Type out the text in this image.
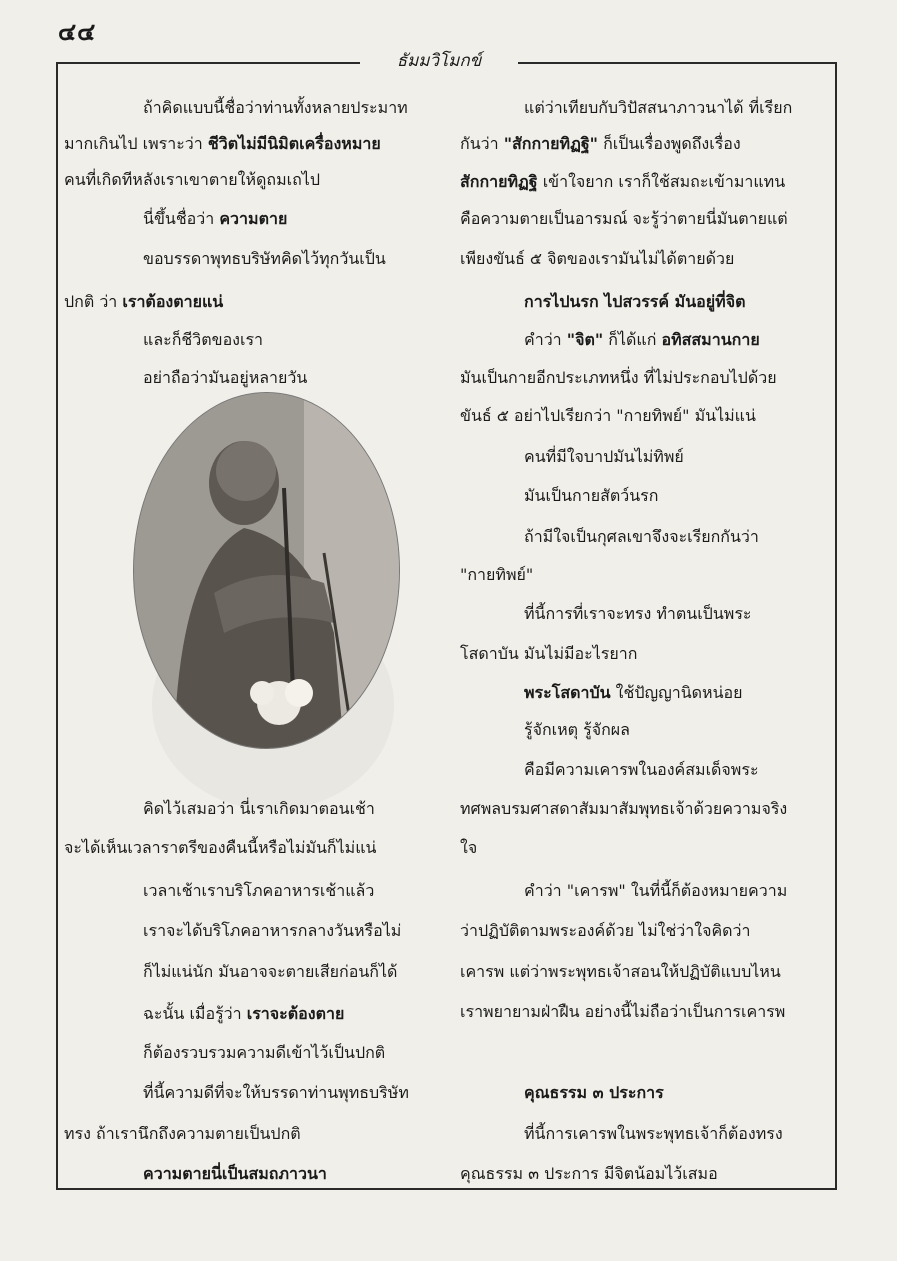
๔๔
ธัมมวิโมกข์

ถ้าคิดแบบนี้ชื่อว่าท่านทั้งหลายประมาท

มากเกินไป เพราะว่า ชีวิตไม่มีนิมิตเครื่องหมาย

คนที่เกิดทีหลังเราเขาตายให้ดูถมเถไป

นี่ขึ้นชื่อว่า ความตาย

ขอบรรดาพุทธบริษัทคิดไว้ทุกวันเป็น

ปกติ ว่า เราต้องตายแน่

และก็ชีวิตของเรา

อย่าถือว่ามันอยู่หลายวัน

คิดไว้เสมอว่า นี่เราเกิดมาตอนเช้า

จะได้เห็นเวลาราตรีของคืนนี้หรือไม่มันก็ไม่แน่

เวลาเช้าเราบริโภคอาหารเช้าแล้ว

เราจะได้บริโภคอาหารกลางวันหรือไม่

ก็ไม่แน่นัก มันอาจจะตายเสียก่อนก็ได้

ฉะนั้น เมื่อรู้ว่า เราจะต้องตาย

ก็ต้องรวบรวมความดีเข้าไว้เป็นปกติ

ที่นี้ความดีที่จะให้บรรดาท่านพุทธบริษัท

ทรง ถ้าเรานึกถึงความตายเป็นปกติ

ความตายนี่เป็นสมถภาวนา

แต่ว่าเทียบกับวิปัสสนาภาวนาได้ ที่เรียก

กันว่า "สักกายทิฏฐิ" ก็เป็นเรื่องพูดถึงเรื่อง

สักกายทิฏฐิ เข้าใจยาก เราก็ใช้สมถะเข้ามาแทน

คือความตายเป็นอารมณ์ จะรู้ว่าตายนี่มันตายแต่

เพียงขันธ์ ๕ จิตของเรามันไม่ได้ตายด้วย

การไปนรก ไปสวรรค์ มันอยู่ที่จิต

คำว่า "จิต" ก็ได้แก่ อทิสสมานกาย

มันเป็นกายอีกประเภทหนึ่ง ที่ไม่ประกอบไปด้วย

ขันธ์ ๕ อย่าไปเรียกว่า "กายทิพย์" มันไม่แน่

คนที่มีใจบาปมันไม่ทิพย์

มันเป็นกายสัตว์นรก

ถ้ามีใจเป็นกุศลเขาจึงจะเรียกกันว่า

"กายทิพย์"

ที่นี้การที่เราจะทรง ทำตนเป็นพระ

โสดาบัน มันไม่มีอะไรยาก

พระโสดาบัน ใช้ปัญญานิดหน่อย

รู้จักเหตุ รู้จักผล

คือมีความเคารพในองค์สมเด็จพระ

ทศพลบรมศาสดาสัมมาสัมพุทธเจ้าด้วยความจริง

ใจ

คำว่า "เคารพ" ในที่นี้ก็ต้องหมายความ

ว่าปฏิบัติตามพระองค์ด้วย ไม่ใช่ว่าใจคิดว่า

เคารพ แต่ว่าพระพุทธเจ้าสอนให้ปฏิบัติแบบไหน

เราพยายามฝ่าฝืน อย่างนี้ไม่ถือว่าเป็นการเคารพ

คุณธรรม ๓ ประการ

ที่นี้การเคารพในพระพุทธเจ้าก็ต้องทรง

คุณธรรม ๓ ประการ มีจิตน้อมไว้เสมอ
